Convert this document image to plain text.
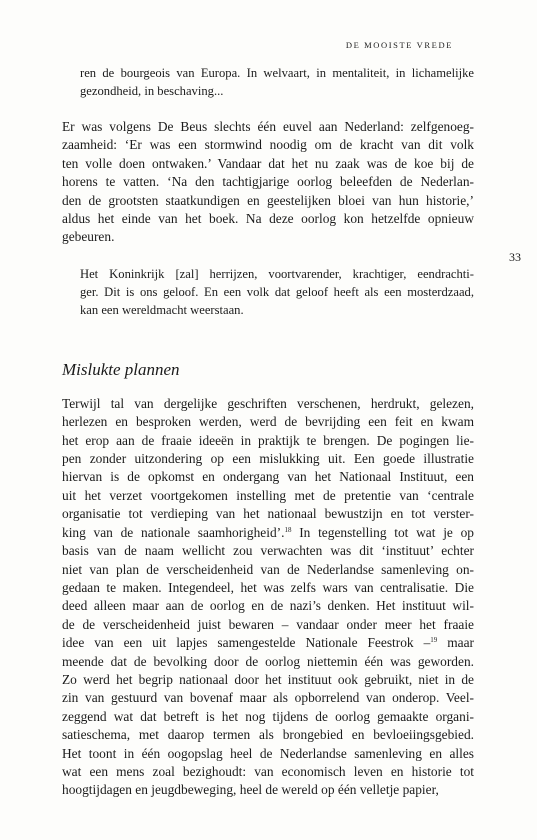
DE MOOISTE VREDE
33

ren de bourgeois van Europa. In welvaart, in mentaliteit, in lichamelijke
gezondheid, in beschaving...

Er was volgens De Beus slechts één euvel aan Nederland: zelfgenoeg-
zaamheid: ‘Er was een stormwind noodig om de kracht van dit volk
ten volle doen ontwaken.’ Vandaar dat het nu zaak was de koe bij de
horens te vatten. ‘Na den tachtigjarige oorlog beleefden de Nederlan-
den de grootsten staatkundigen en geestelijken bloei van hun historie,’
aldus het einde van het boek. Na deze oorlog kon hetzelfde opnieuw
gebeuren.

Het Koninkrijk [zal] herrijzen, voortvarender, krachtiger, eendrachti-
ger. Dit is ons geloof. En een volk dat geloof heeft als een mosterdzaad,
kan een wereldmacht weerstaan.

Mislukte plannen

Terwijl tal van dergelijke geschriften verschenen, herdrukt, gelezen,
herlezen en besproken werden, werd de bevrijding een feit en kwam
het erop aan de fraaie ideeën in praktijk te brengen. De pogingen lie-
pen zonder uitzondering op een mislukking uit. Een goede illustratie
hiervan is de opkomst en ondergang van het Nationaal Instituut, een
uit het verzet voortgekomen instelling met de pretentie van ‘centrale
organisatie tot verdieping van het nationaal bewustzijn en tot verster-
king van de nationale saamhorigheid’.$^{18}$ In tegenstelling tot wat je op
basis van de naam wellicht zou verwachten was dit ‘instituut’ echter
niet van plan de verscheidenheid van de Nederlandse samenleving on-
gedaan te maken. Integendeel, het was zelfs wars van centralisatie. Die
deed alleen maar aan de oorlog en de nazi’s denken. Het instituut wil-
de de verscheidenheid juist bewaren – vandaar onder meer het fraaie
idee van een uit lapjes samengestelde Nationale Feestrok –$^{19}$ maar
meende dat de bevolking door de oorlog niettemin één was geworden.
Zo werd het begrip nationaal door het instituut ook gebruikt, niet in de
zin van gestuurd van bovenaf maar als opborrelend van onderop. Veel-
zeggend wat dat betreft is het nog tijdens de oorlog gemaakte organi-
satieschema, met daarop termen als brongebied en bevloeiingsgebied.
Het toont in één oogopslag heel de Nederlandse samenleving en alles
wat een mens zoal bezighoudt: van economisch leven en historie tot
hoogtijdagen en jeugdbeweging, heel de wereld op één velletje papier,
